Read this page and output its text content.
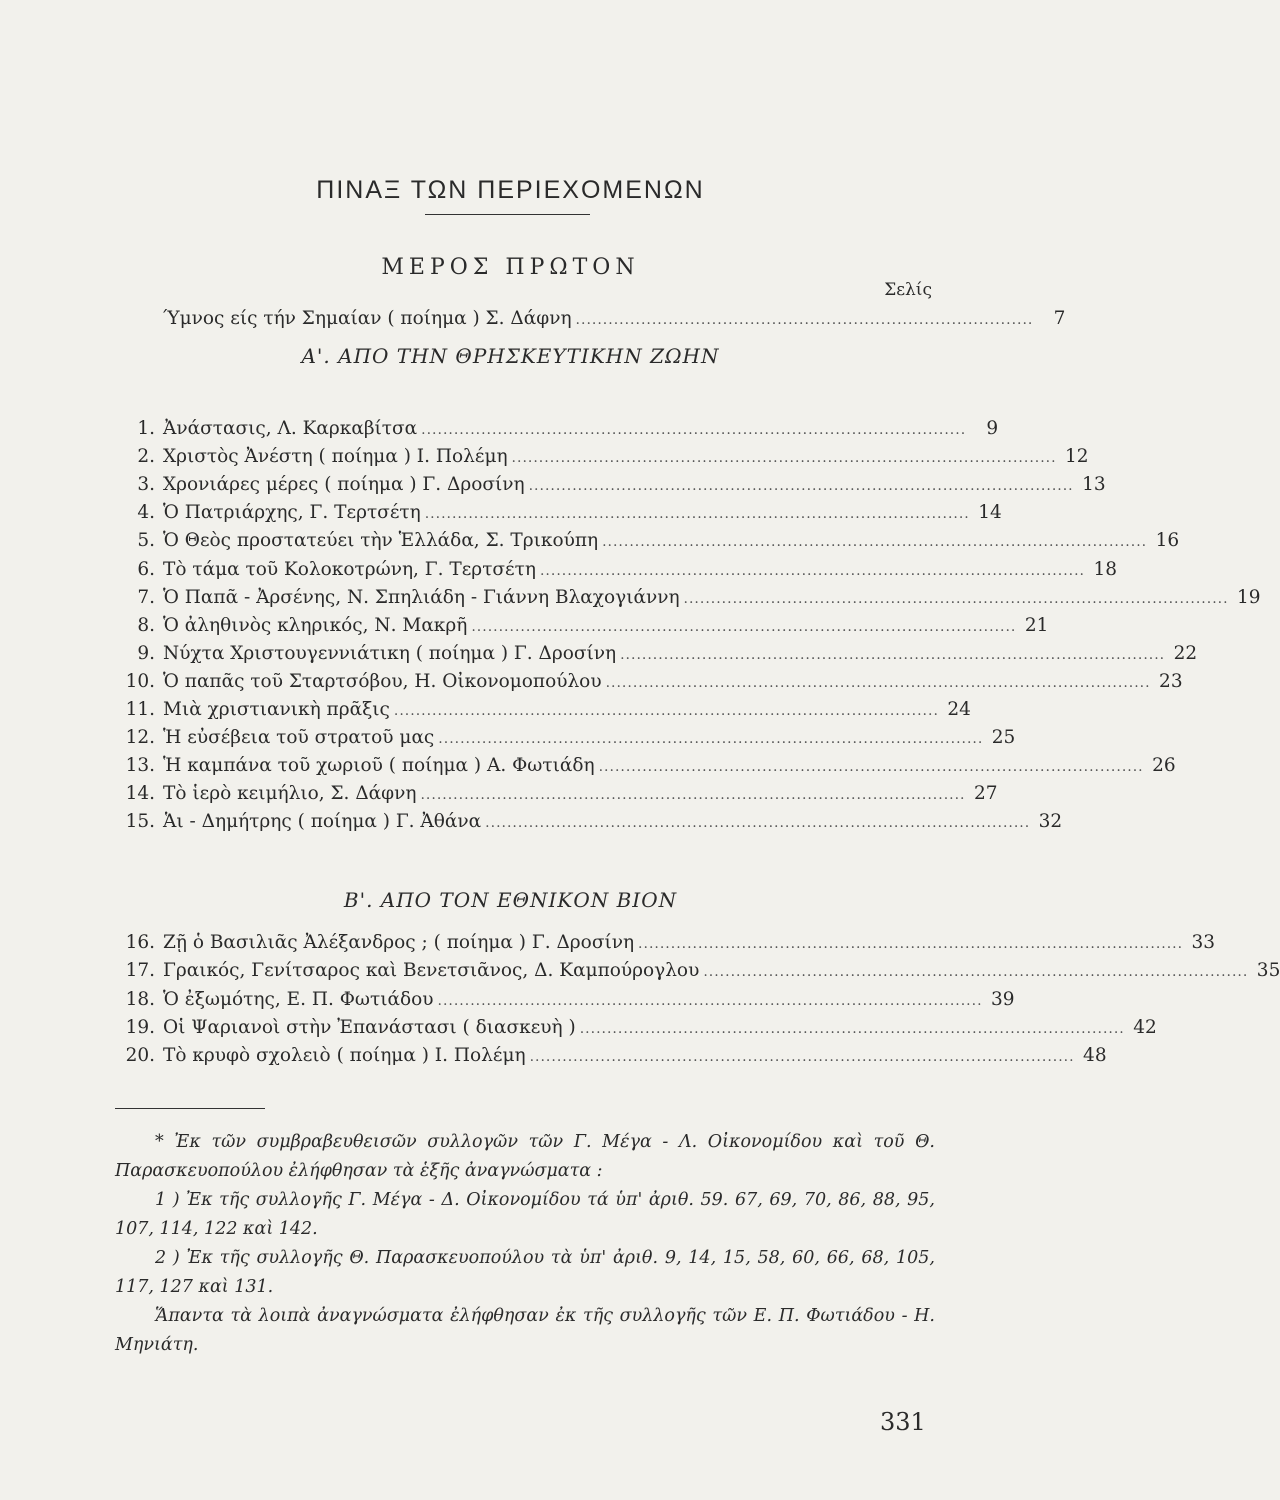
ΠΙΝΑΞ ΤΩΝ ΠΕΡΙΕΧΟΜΕΝΩΝ
ΜΕΡΟΣ ΠΡΩΤΟΝ
Σελίς
Ύμνος είς τήν Σημαίαν ( ποίημα ) Σ. Δάφνη ....................................................................................	7
Α'. ΑΠΟ ΤΗΝ ΘΡΗΣΚΕΥΤΙΚΗΝ ΖΩΗΝ
1. Ἀνάστασις, Λ. Καρκαβίτσα ....................................................................................................	9
2. Χριστὸς Ἀνέστη ( ποίημα ) Ι. Πολέμη .................................................................................................... 12
3. Χρονιάρες μέρες ( ποίημα ) Γ. Δροσίνη .................................................................................................... 13
4. Ὁ Πατριάρχης, Γ. Τερτσέτη .................................................................................................... 14
5. Ὁ Θεὸς προστατεύει τὴν Ἑλλάδα, Σ. Τρικούπη .................................................................................................... 16
6. Τὸ τάμα τοῦ Κολοκοτρώνη, Γ. Τερτσέτη .................................................................................................... 18
7. Ὁ Παπᾶ - Ἀρσένης, Ν. Σπηλιάδη - Γιάννη Βλαχογιάννη .................................................................................................... 19
8. Ὁ ἀληθινὸς κληρικός, Ν. Μακρῆ .................................................................................................... 21
9. Νύχτα Χριστουγεννιάτικη ( ποίημα ) Γ. Δροσίνη .................................................................................................... 22
10. Ὁ παπᾶς τοῦ Σταρτσόβου, Η. Οἰκονομοπούλου .................................................................................................... 23
11. Μιὰ χριστιανικὴ πρᾶξις .................................................................................................... 24
12. Ἡ εὐσέβεια τοῦ στρατοῦ μας .................................................................................................... 25
13. Ἡ καμπάνα τοῦ χωριοῦ ( ποίημα ) Α. Φωτιάδη .................................................................................................... 26
14. Τὸ ἱερὸ κειμήλιο, Σ. Δάφνη .................................................................................................... 27
15. Ἁι - Δημήτρης ( ποίημα ) Γ. Ἀθάνα .................................................................................................... 32
Β'. ΑΠΟ ΤΟΝ ΕΘΝΙΚΟΝ ΒΙΟΝ
16. Ζῇ ὁ Βασιλιᾶς Ἀλέξανδρος ; ( ποίημα ) Γ. Δροσίνη .................................................................................................... 33
17. Γραικός, Γενίτσαρος καὶ Βενετσιᾶνος, Δ. Καμπούρογλου .................................................................................................... 35
18. Ὁ ἐξωμότης, Ε. Π. Φωτιάδου .................................................................................................... 39
19. Οἱ Ψαριανοὶ στὴν Ἐπανάστασι ( διασκευὴ ) .................................................................................................... 42
20. Τὸ κρυφὸ σχολειὸ ( ποίημα ) Ι. Πολέμη .................................................................................................... 48

* Ἐκ τῶν συμβραβευθεισῶν συλλογῶν τῶν Γ. Μέγα - Λ. Οἰκονομίδου καὶ τοῦ Θ. Παρασκευοπούλου ἐλήφθησαν τὰ ἑξῆς ἀναγνώσματα :

1 ) Ἐκ τῆς συλλογῆς Γ. Μέγα - Δ. Οἰκονομίδου τά ὑπ' ἀριθ. 59. 67, 69, 70, 86, 88, 95, 107, 114, 122 καὶ 142.

2 ) Ἐκ τῆς συλλογῆς Θ. Παρασκευοπούλου τὰ ὑπ' ἀριθ. 9, 14, 15, 58, 60, 66, 68, 105, 117, 127 καὶ 131.

Ἅπαντα τὰ λοιπὰ ἀναγνώσματα ἐλήφθησαν ἐκ τῆς συλλογῆς τῶν Ε. Π. Φωτιάδου - Η. Μηνιάτη.

331
